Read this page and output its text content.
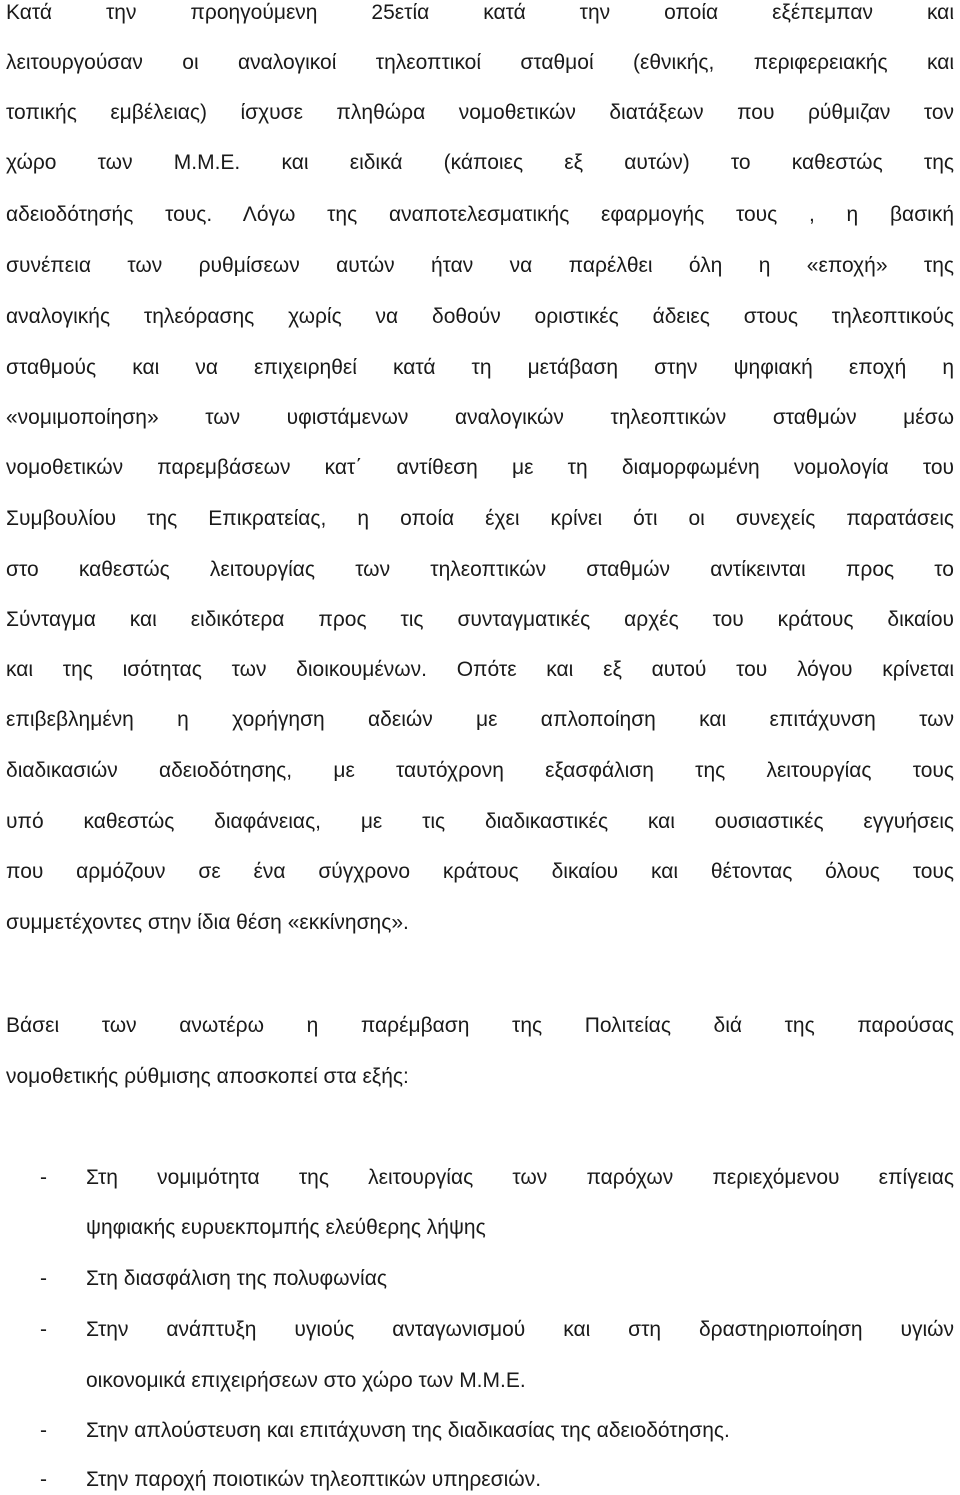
Κατά την προηγούμενη 25ετία κατά την οποία εξέπεμπαν και
λειτουργούσαν οι αναλογικοί τηλεοπτικοί σταθμοί (εθνικής, περιφερειακής και
τοπικής εμβέλειας) ίσχυσε πληθώρα νομοθετικών διατάξεων που ρύθμιζαν τον
χώρο των Μ.Μ.Ε. και ειδικά (κάποιες εξ αυτών) το καθεστώς της
αδειοδότησής τους. Λόγω της αναποτελεσματικής εφαρμογής τους , η βασική
συνέπεια των ρυθμίσεων αυτών ήταν να παρέλθει όλη η «εποχή» της
αναλογικής τηλεόρασης χωρίς να δοθούν οριστικές άδειες στους τηλεοπτικούς
σταθμούς και να επιχειρηθεί κατά τη μετάβαση στην ψηφιακή εποχή η
«νομιμοποίηση» των υφιστάμενων αναλογικών τηλεοπτικών σταθμών μέσω
νομοθετικών παρεμβάσεων κατ΄ αντίθεση με τη διαμορφωμένη νομολογία του
Συμβουλίου της Επικρατείας, η οποία έχει κρίνει ότι οι συνεχείς παρατάσεις
στο καθεστώς λειτουργίας των τηλεοπτικών σταθμών αντίκεινται προς το
Σύνταγμα και ειδικότερα προς τις συνταγματικές αρχές του κράτους δικαίου
και της ισότητας των διοικουμένων. Οπότε και εξ αυτού του λόγου κρίνεται
επιβεβλημένη η χορήγηση αδειών με απλοποίηση και επιτάχυνση των
διαδικασιών αδειοδότησης, με ταυτόχρονη εξασφάλιση της λειτουργίας τους
υπό καθεστώς διαφάνειας, με τις διαδικαστικές και ουσιαστικές εγγυήσεις
που αρμόζουν σε ένα σύγχρονο κράτους δικαίου και θέτοντας όλους τους
συμμετέχοντες στην ίδια θέση «εκκίνησης».
Βάσει των ανωτέρω η παρέμβαση της Πολιτείας διά της παρούσας
νομοθετικής ρύθμισης αποσκοπεί στα εξής:
-	Στη νομιμότητα της λειτουργίας των παρόχων περιεχόμενου επίγειας
ψηφιακής ευρυεκπομπής ελεύθερης λήψης
-	Στη διασφάλιση της πολυφωνίας
-	Στην ανάπτυξη υγιούς ανταγωνισμού και στη δραστηριοποίηση υγιών
οικονομικά επιχειρήσεων στο χώρο των Μ.Μ.Ε.
-	Στην απλούστευση και επιτάχυνση της διαδικασίας της αδειοδότησης.
-	Στην παροχή ποιοτικών τηλεοπτικών υπηρεσιών.
